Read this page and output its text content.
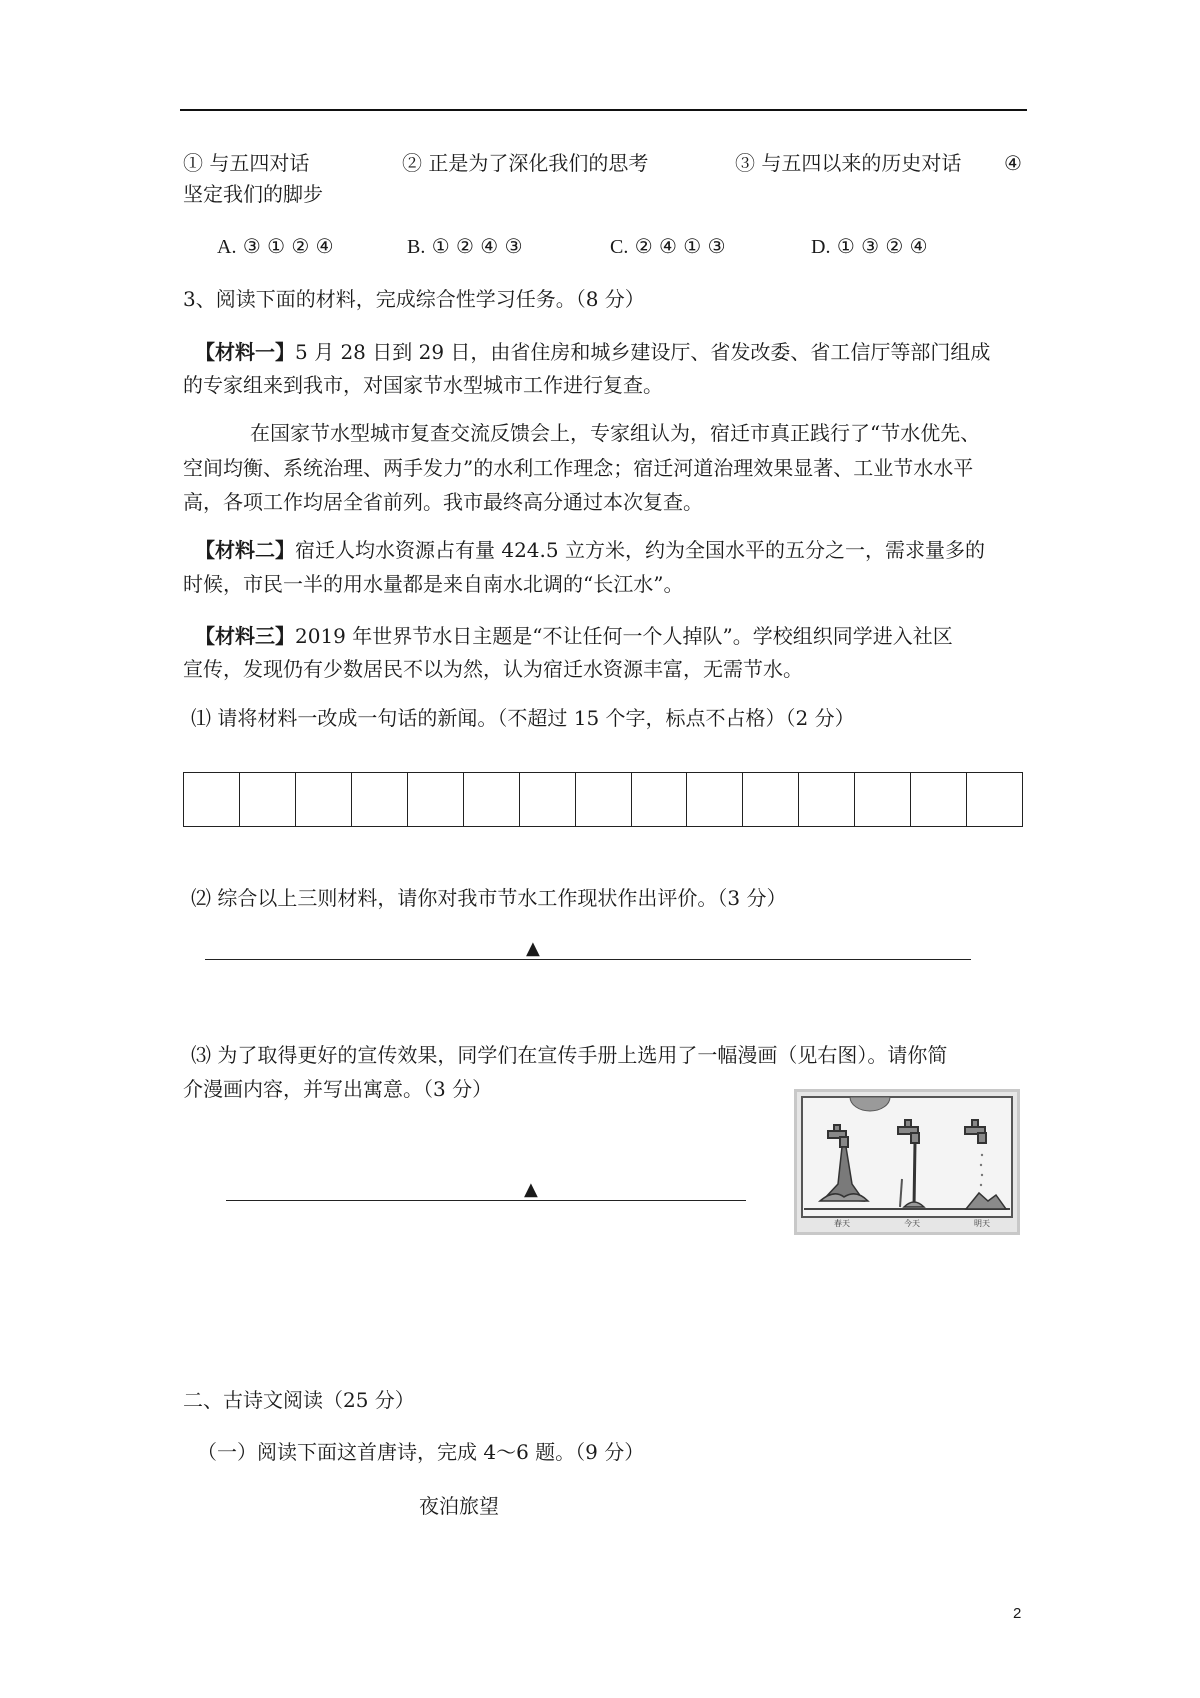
① 与五四对话	② 正是为了深化我们的思考	③ 与五四以来的历史对话 ④
坚定我们的脚步
A. ③ ① ② ④	B. ① ② ④ ③	C. ② ④ ① ③	D. ① ③ ② ④
3、阅读下面的材料，完成综合性学习任务。（8 分）
【材料一】5 月 28 日到 29 日，由省住房和城乡建设厅、省发改委、省工信厅等部门组成
的专家组来到我市，对国家节水型城市工作进行复查。
在国家节水型城市复查交流反馈会上，专家组认为，宿迁市真正践行了“节水优先、
空间均衡、系统治理、两手发力”的水利工作理念；宿迁河道治理效果显著、工业节水水平
高，各项工作均居全省前列。我市最终高分通过本次复查。
【材料二】宿迁人均水资源占有量 424.5 立方米，约为全国水平的五分之一，需求量多的
时候，市民一半的用水量都是来自南水北调的“长江水”。
【材料三】2019 年世界节水日主题是“不让任何一个人掉队”。学校组织同学进入社区
宣传，发现仍有少数居民不以为然，认为宿迁水资源丰富，无需节水。
⑴ 请将材料一改成一句话的新闻。（不超过 15 个字，标点不占格）（2 分）
⑵ 综合以上三则材料，请你对我市节水工作现状作出评价。（3 分）
▲
⑶ 为了取得更好的宣传效果，同学们在宣传手册上选用了一幅漫画（见右图）。请你简
介漫画内容，并写出寓意。（3 分）
▲
春天	今天	明天
二、古诗文阅读（25 分）
（一）阅读下面这首唐诗，完成 4～6 题。（9 分）
夜泊旅望
2
